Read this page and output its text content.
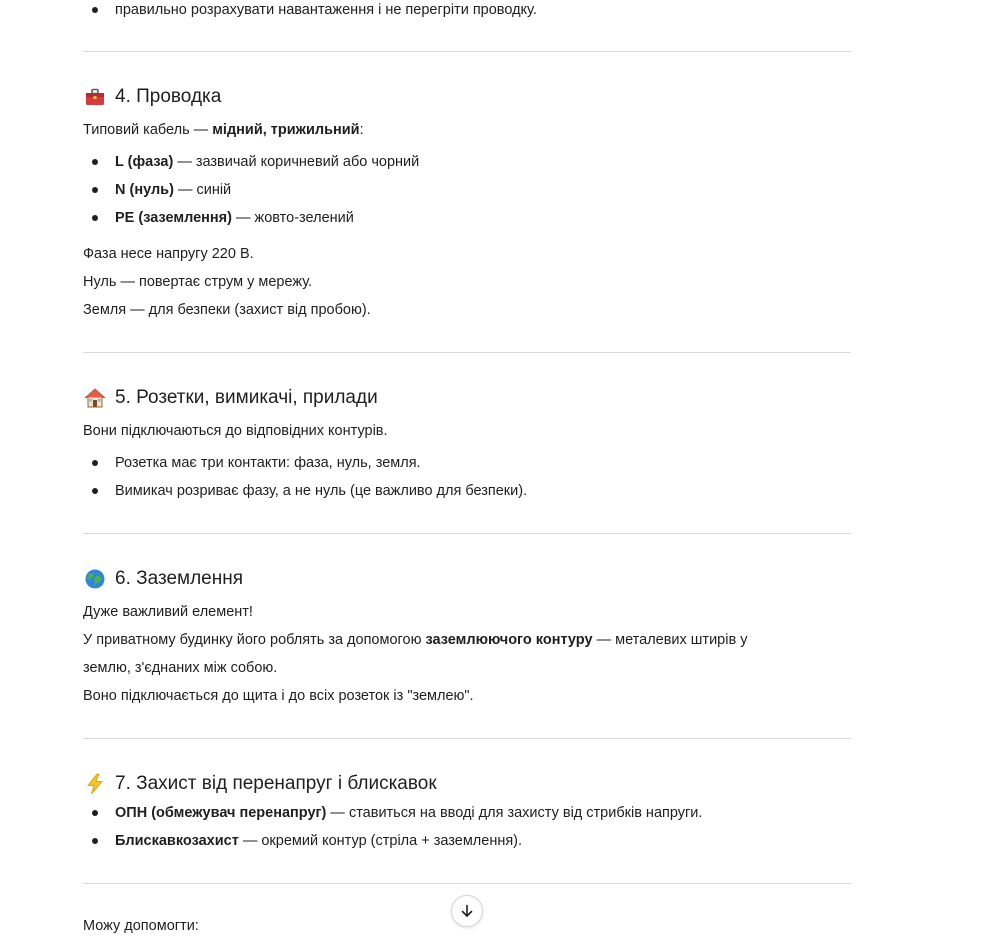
правильно розрахувати навантаження і не перегріти проводку.
4. Проводка
Типовий кабель — мідний, трижильний:
L (фаза) — зазвичай коричневий або чорний
N (нуль) — синій
PE (заземлення) — жовто-зелений
Фаза несе напругу 220 В.
Нуль — повертає струм у мережу.
Земля — для безпеки (захист від пробою).
5. Розетки, вимикачі, прилади
Вони підключаються до відповідних контурів.
Розетка має три контакти: фаза, нуль, земля.
Вимикач розриває фазу, а не нуль (це важливо для безпеки).
6. Заземлення
Дуже важливий елемент!
У приватному будинку його роблять за допомогою заземлюючого контуру — металевих штирів у
землю, з'єднаних між собою.
Воно підключається до щита і до всіх розеток із "землею".
7. Захист від перенапруг і блискавок
ОПН (обмежувач перенапруг) — ставиться на вводі для захисту від стрибків напруги.
Блискавкозахист — окремий контур (стріла + заземлення).
Можу допомогти:
